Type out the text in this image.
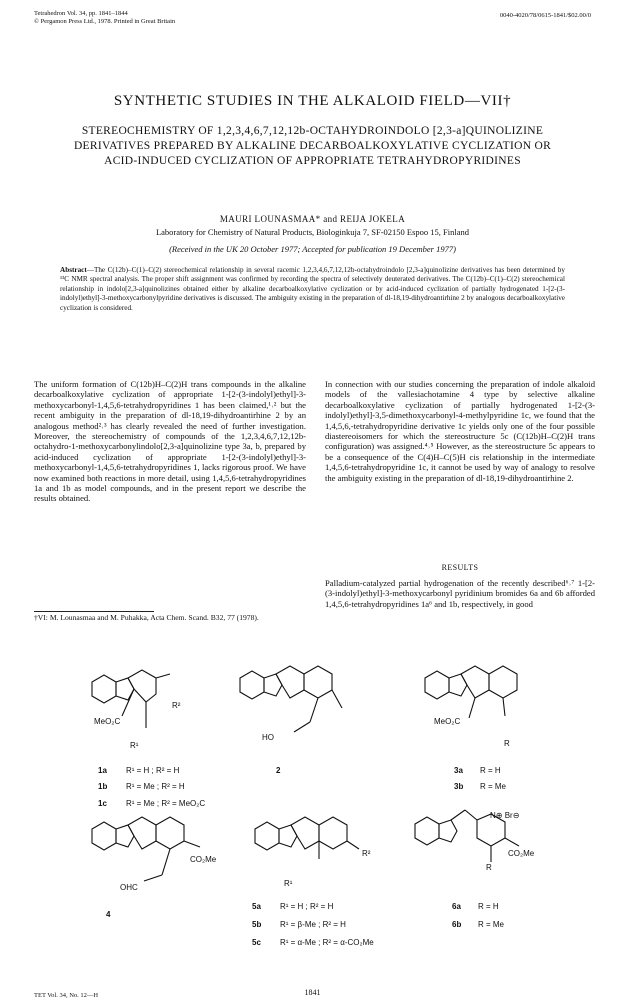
Tetrahedron Vol. 34, pp. 1841–1844
© Pergamon Press Ltd., 1978. Printed in Great Britain
0040-4020/78/0615-1841/$02.00/0
SYNTHETIC STUDIES IN THE ALKALOID FIELD—VII†
STEREOCHEMISTRY OF 1,2,3,4,6,7,12,12b-OCTAHYDROINDOLO [2,3-a]QUINOLIZINE DERIVATIVES PREPARED BY ALKALINE DECARBOALKOXYLATIVE CYCLIZATION OR ACID-INDUCED CYCLIZATION OF APPROPRIATE TETRAHYDROPYRIDINES
MAURI LOUNASMAA* and REIJA JOKELA
Laboratory for Chemistry of Natural Products, Biologinkuja 7, SF-02150 Espoo 15, Finland
(Received in the UK 20 October 1977; Accepted for publication 19 December 1977)
Abstract—The C(12b)–C(1)–C(2) stereochemical relationship in several racemic 1,2,3,4,6,7,12,12b-octahydroindolo [2,3-a]quinolizine derivatives has been determined by ¹³C NMR spectral analysis. The proper shift assignment was confirmed by recording the spectra of selectively deuterated derivatives. The C(12b)–C(1)–C(2) stereochemical relationship in indolo[2,3-a]quinolizines obtained either by alkaline decarboalkoxylative cyclization or by acid-induced cyclization of partially hydrogenated 1-[2-(3-indolyl)ethyl]-3-methoxycarbonylpyridine derivatives is discussed. The ambiguity existing in the preparation of dl-18,19-dihydroantirhine 2 by analogous decarboalkoxylative cyclization is considered.
The uniform formation of C(12b)H–C(2)H trans compounds in the alkaline decarboalkoxylative cyclization of appropriate 1-[2-(3-indolyl)ethyl]-3-methoxycarbonyl-1,4,5,6-tetrahydropyridines 1 has been claimed,¹˒² but the recent ambiguity in the preparation of dl-18,19-dihydroantirhine 2 by an analogous method²˒³ has clearly revealed the need of further investigation. Moreover, the stereochemistry of compounds of the 1,2,3,4,6,7,12,12b-octahydro-1-methoxycarbonylindolo[2,3-a]quinolizine type 3a, b, prepared by acid-induced cyclization of appropriate 1-[2-(3-indolyl)ethyl]-3-methoxycarbonyl-1,4,5,6-tetrahydropyridines 1, lacks rigorous proof. We have now examined both reactions in more detail, using 1,4,5,6-tetrahydropyridines 1a and 1b as model compounds, and in the present report we describe the results obtained.
In connection with our studies concerning the preparation of indole alkaloid models of the vallesiachotamine 4 type by selective alkaline decarboalkoxylative cyclization of partially hydrogenated 1-[2-(3-indolyl)ethyl]-3,5-dimethoxycarbonyl-4-methylpyridine 1c, we found that the 1,4,5,6,-tetrahydropyridine derivative 1c yields only one of the four possible diastereoisomers for which the stereostructure 5c (C(12b)H–C(2)H trans configuration) was assigned.⁴˒⁵ However, as the stereostructure 5c appears to be a consequence of the C(4)H–C(5)H cis relationship in the intermediate 1,4,5,6-tetrahydropyridine 1c, it cannot be used by way of analogy to resolve the ambiguity existing in the preparation of dl-18,19-dihydroantirhine 2.
RESULTS
Palladium-catalyzed partial hydrogenation of the recently described⁶˒⁷ 1-[2-(3-indolyl)ethyl]-3-methoxycarbonyl pyridinium bromides 6a and 6b afforded 1,4,5,6-tetrahydropyridines 1a⁶ and 1b, respectively, in good
†VI: M. Lounasmaa and M. Puhakka, Acta Chem. Scand. B32, 77 (1978).
MeO₂C
R¹
R²
HO
MeO₂C
R
CO₂Me
OHC	R¹
R²
N⊕ Br⊖
CO₂Me
R
1a R¹ = H ; R² = H
1b R¹ = Me ; R² = H
1c R¹ = Me ; R² = MeO₂C
2	3a R = H
3b R = Me
4
5a R¹ = H ; R² = H
5b R¹ = β-Me ; R² = H
5c R¹ = α-Me ; R² = α-CO₂Me
6a R = H
6b R = Me
TET Vol. 34, No. 12—H	1841
